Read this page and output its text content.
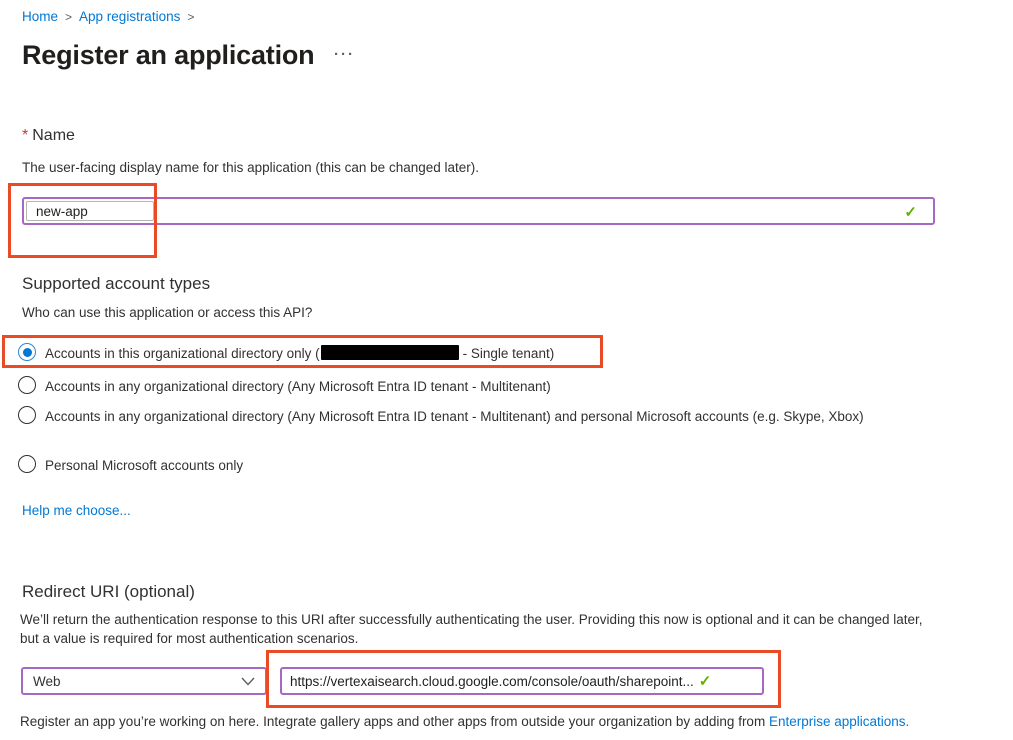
Home > App registrations >
Register an application ···
* Name
The user-facing display name for this application (this can be changed later).
new-app	✓
Supported account types
Who can use this application or access this API?
Accounts in this organizational directory only (	- Single tenant)
Accounts in any organizational directory (Any Microsoft Entra ID tenant - Multitenant)
Accounts in any organizational directory (Any Microsoft Entra ID tenant - Multitenant) and personal Microsoft accounts (e.g. Skype, Xbox)
Personal Microsoft accounts only
Help me choose...
Redirect URI (optional)
We’ll return the authentication response to this URI after successfully authenticating the user. Providing this now is optional and it can be changed later, but a value is required for most authentication scenarios.
Web	https://vertexaisearch.cloud.google.com/console/oauth/sharepoint... ✓
Register an app you’re working on here. Integrate gallery apps and other apps from outside your organization by adding from Enterprise applications.
